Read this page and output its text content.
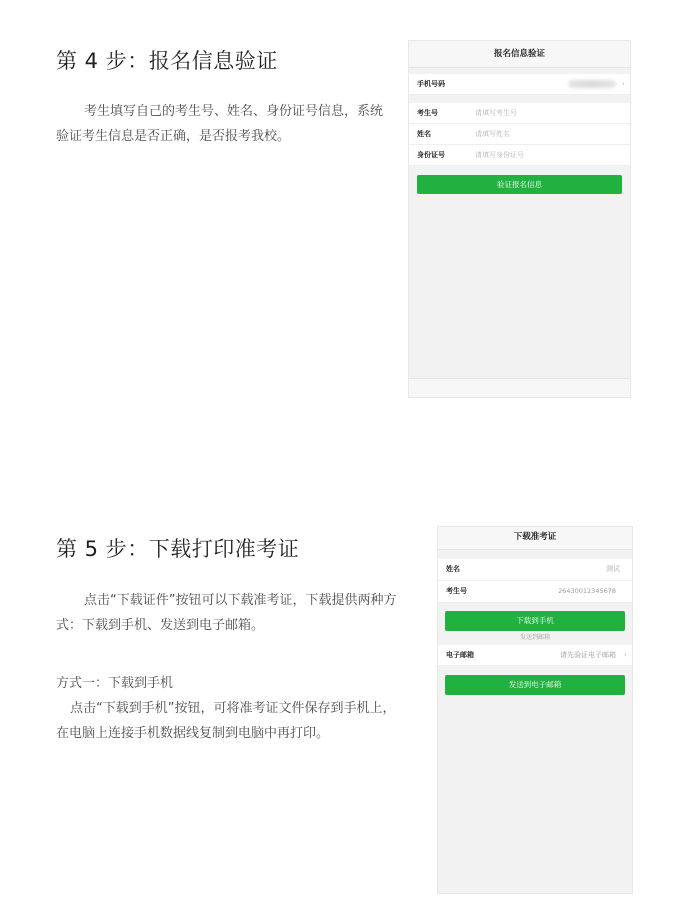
第 4 步：报名信息验证
考生填写自己的考生号、姓名、身份证号信息，系统
验证考生信息是否正确，是否报考我校。
报名信息验证
手机号码	›
考生号	请填写考生号
姓名	请填写姓名
身份证号	请填写身份证号
验证报名信息
第 5 步：下载打印准考证
点击“下载证件”按钮可以下载准考证，下载提供两种方
式：下载到手机、发送到电子邮箱。
方式一：下载到手机
点击“下载到手机”按钮，可将准考证文件保存到手机上，
在电脑上连接手机数据线复制到电脑中再打印。
下载准考证
姓名	测试
考生号	26430012345678
下载到手机
发送到邮箱
电子邮箱	请先验证电子邮箱 ›
发送到电子邮箱
